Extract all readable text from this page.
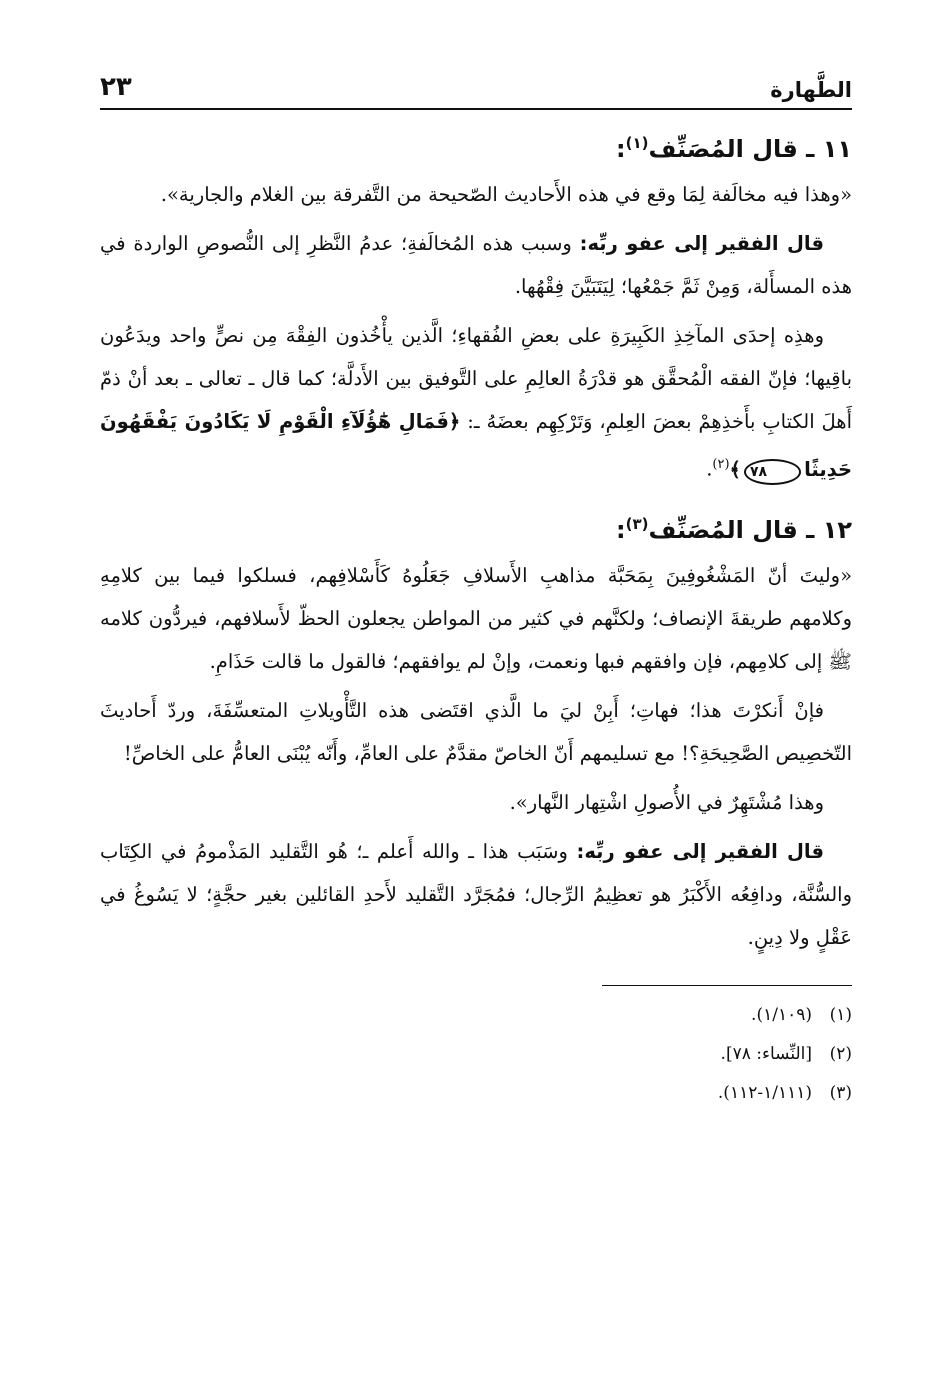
الطَّهارة
٢٣
١١ ـ قال المُصَنِّف$^{(١)}$:

«وهذا فيه مخالَفة لِمَا وقع في هذه الأَحاديث الصّحيحة من التَّفرقة بين الغلام والجارية».

قال الفقير إلى عفو ربِّه: وسبب هذه المُخالَفةِ؛ عدمُ النَّظرِ إلى النُّصوصِ الواردة في هذه المسأَلة، وَمِنْ ثَمَّ جَمْعُها؛ لِيَتَبَيَّنَ فِقْهُها.

وهذِه إحدَى المآخِذِ الكَبِيرَةِ على بعضِ الفُقهاءِ؛ الَّذين يأْخُذون الفِقْهَ مِن نصٍّ واحد ويدَعُون باقِيها؛ فإنّ الفقه الْمُحقَّق هو قدْرَةُ العالِمِ على التَّوفيق بين الأَدلَّة؛ كما قال ـ تعالى ـ بعد أنْ ذمّ أَهلَ الكتابِ بأَخذِهِمْ بعضَ العِلمِ، وَتَرْكِهِم بعضَهُ ـ: ﴿فَمَالِ هَٰٓؤُلَآءِ الْقَوْمِ لَا يَكَادُونَ يَفْقَهُونَ حَدِيثًا٧٨﴾$^{(٢)}$.

١٢ ـ قال المُصَنِّف$^{(٣)}$:

«وليتَ أنّ المَشْغُوفِينَ بِمَحَبَّة مذاهبِ الأَسلافِ جَعَلُوهُ كَأَسْلافِهم، فسلكوا فيما بين كلامِهِ وكلامهم طريقةَ الإنصاف؛ ولكنَّهم في كثير من المواطن يجعلون الحظّ لأَسلافهم، فيردُّون كلامه ﷺ إلى كلامِهم، فإن وافقهم فبها ونعمت، وإنْ لم يوافقهم؛ فالقول ما قالت حَذَامِ.

فإنْ أَنكرْتَ هذا؛ فهاتِ؛ أَبِنْ ليَ ما الَّذي اقتَضى هذه التَّأْويلاتِ المتعسِّفَةَ، وردّ أَحاديثَ التّخصِيص الصَّحِيحَةِ؟! مع تسليمهم أَنّ الخاصّ مقدَّمٌ على العامِّ، وأَنّه يُبْنَى العامُّ على الخاصِّ!

وهذا مُشْتَهِرٌ في الأُصولِ اشْتِهار النَّهار».

قال الفقير إلى عفو ربِّه: وسَبَب هذا ـ والله أَعلم ـ؛ هُو التَّقليد المَذْمومُ في الكِتَاب والسُّنَّة، ودافِعُه الأَكْبَرُ هو تعظِيمُ الرِّجال؛ فمُجَرَّد التَّقليد لأَحدِ القائلين بغير حجَّةٍ؛ لا يَسُوغُ في عَقْلٍ ولا دِينٍ.

(١)(١/١٠٩).

(٢)[النِّساء: ٧٨].

(٣)(١/١١١-١١٢).
